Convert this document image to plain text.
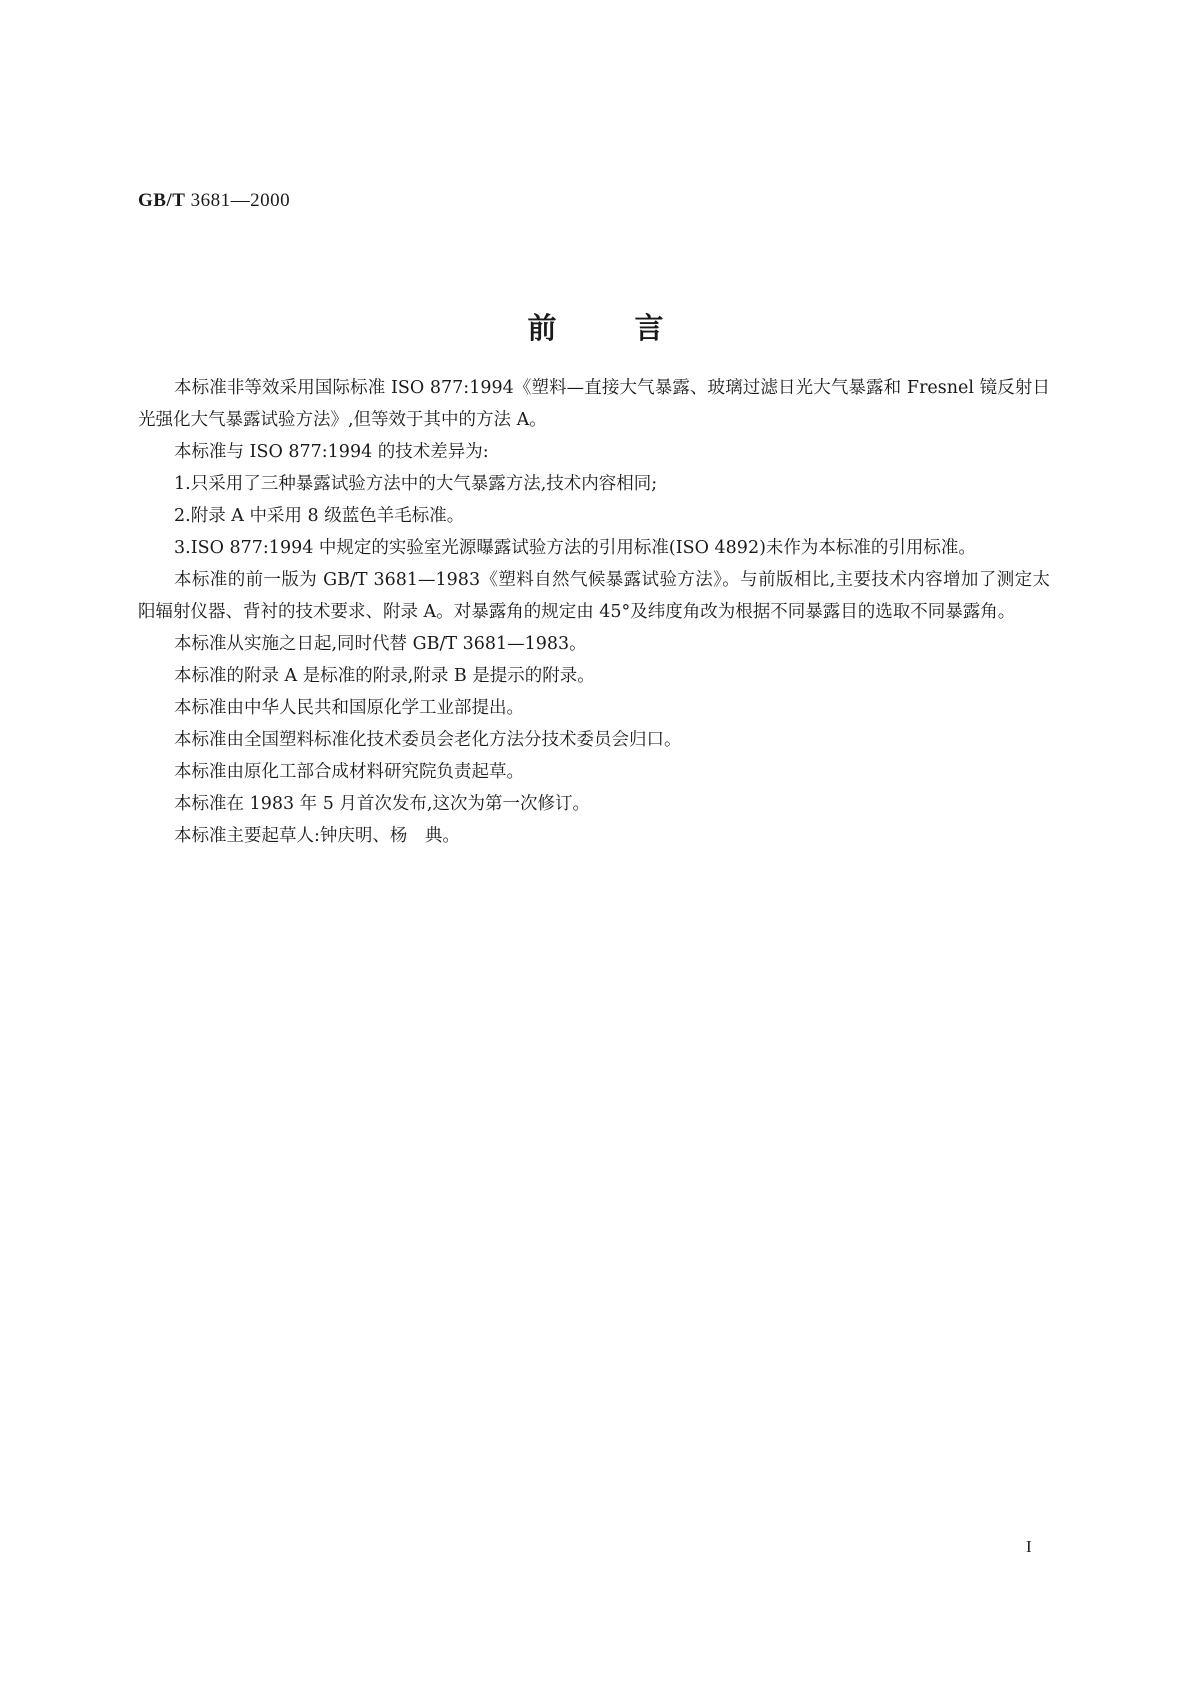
GB/T 3681—2000
前言

本标准非等效采用国际标准 ISO 877:1994《塑料—直接大气暴露、玻璃过滤日光大气暴露和 Fresnel 镜反射日光强化大气暴露试验方法》,但等效于其中的方法 A。

本标准与 ISO 877:1994 的技术差异为:

1.只采用了三种暴露试验方法中的大气暴露方法,技术内容相同;

2.附录 A 中采用 8 级蓝色羊毛标准。

3.ISO 877:1994 中规定的实验室光源曝露试验方法的引用标准(ISO 4892)未作为本标准的引用标准。

本标准的前一版为 GB/T 3681—1983《塑料自然气候暴露试验方法》。与前版相比,主要技术内容增加了测定太阳辐射仪器、背衬的技术要求、附录 A。对暴露角的规定由 45°及纬度角改为根据不同暴露目的选取不同暴露角。

本标准从实施之日起,同时代替 GB/T 3681—1983。

本标准的附录 A 是标准的附录,附录 B 是提示的附录。

本标准由中华人民共和国原化学工业部提出。

本标准由全国塑料标准化技术委员会老化方法分技术委员会归口。

本标准由原化工部合成材料研究院负责起草。

本标准在 1983 年 5 月首次发布,这次为第一次修订。

本标准主要起草人:钟庆明、杨　典。

I
